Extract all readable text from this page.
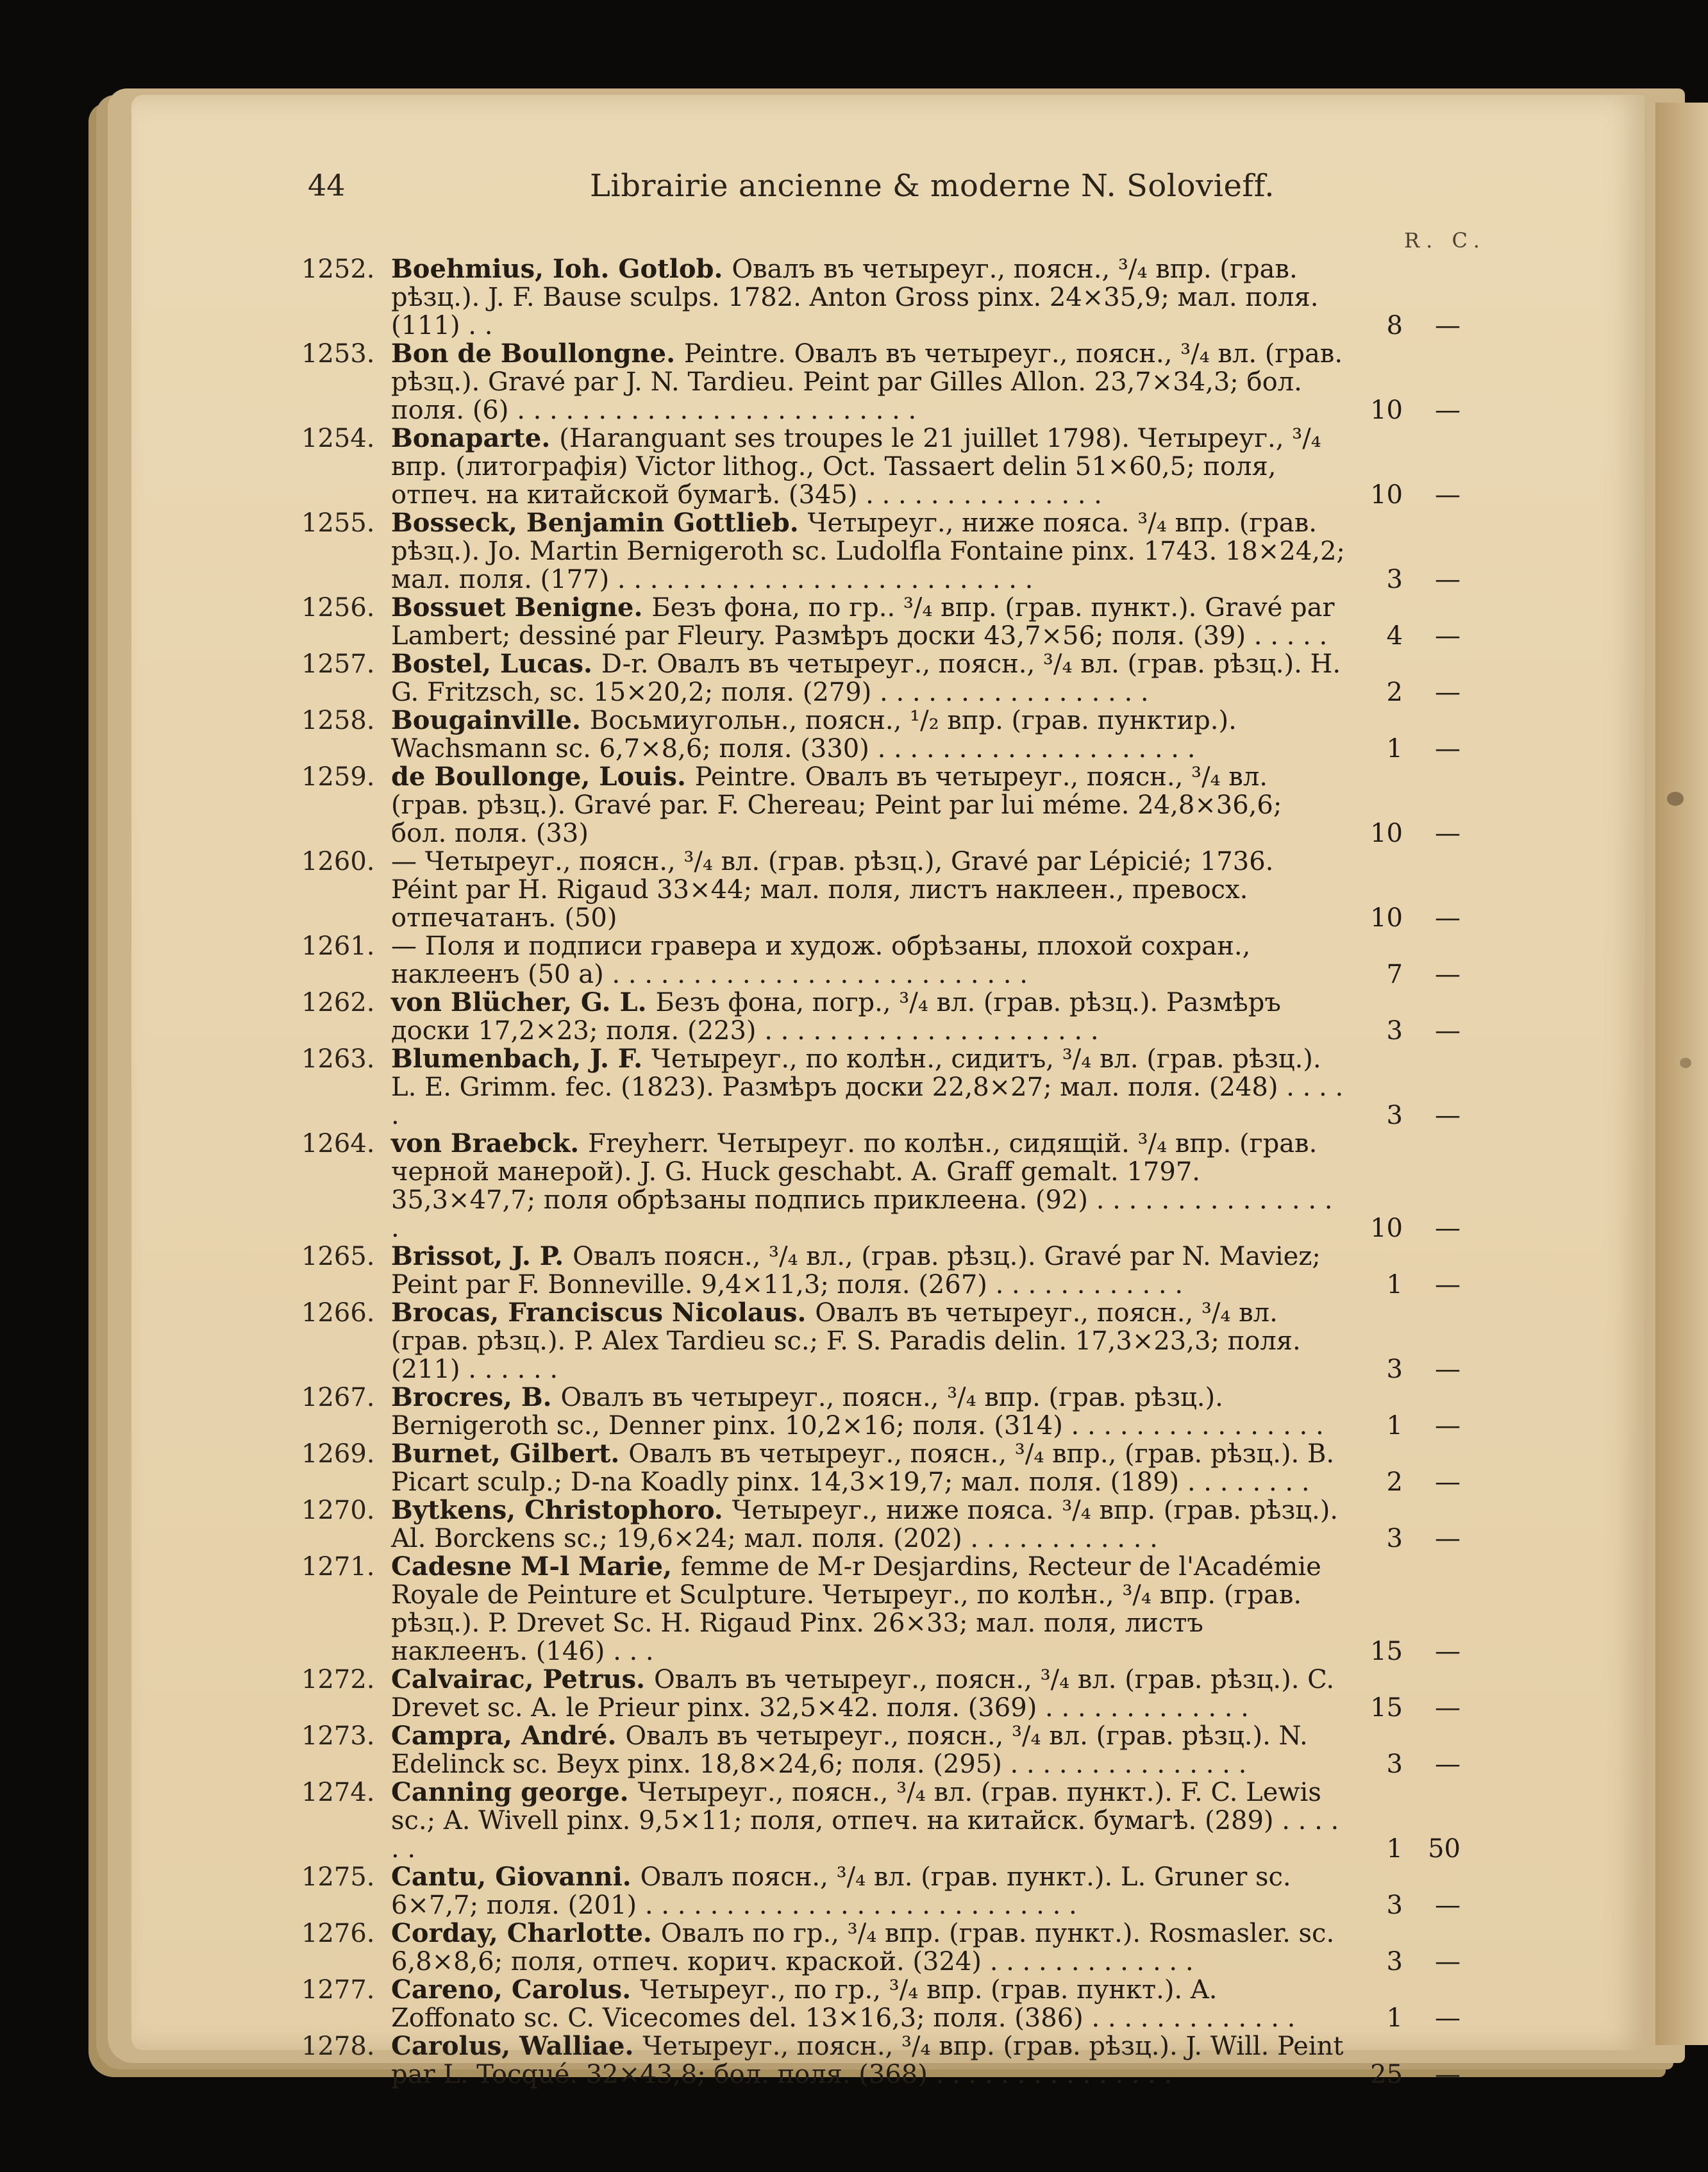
44	Librairie ancienne & moderne N. Solovieff.
R. C.
1252. Boehmius, Ioh. Gotlob. Овалъ въ четыреуг., поясн., ³/₄ впр. (грав. рѣзц.). J. F. Bause sculps. 1782. Anton Gross pinx. 24×35,9; мал. поля. (111) . .	8	—
1253. Bon de Boullongne. Peintre. Овалъ въ четыреуг., поясн., ³/₄ вл. (грав. рѣзц.). Gravé par J. N. Tardieu. Peint par Gilles Allon. 23,7×34,3; бол. поля. (6) . . . . . . . . . . . . . . . . . . . . . . . . .	10	—
1254. Bonaparte. (Haranguant ses troupes le 21 juillet 1798). Четыреуг., ³/₄ впр. (литографія) Victor lithog., Oct. Tassaert delin 51×60,5; поля, отпеч. на китайской бумагѣ. (345) . . . . . . . . . . . . . . .	10	—
1255. Bosseck, Benjamin Gottlieb. Четыреуг., ниже пояса. ³/₄ впр. (грав. рѣзц.). Jo. Martin Bernigeroth sc. Ludolfla Fontaine pinx. 1743. 18×24,2; мал. поля. (177) . . . . . . . . . . . . . . . . . . . . . . . . . .	3	—
1256. Bossuet Benigne. Безъ фона, по гр.. ³/₄ впр. (грав. пункт.). Gravé par Lambert; dessiné par Fleury. Размѣръ доски 43,7×56; поля. (39) . . . . .	4	—
1257. Bostel, Lucas. D-r. Овалъ въ четыреуг., поясн., ³/₄ вл. (грав. рѣзц.). H. G. Fritzsch, sc. 15×20,2; поля. (279) . . . . . . . . . . . . . . . . .	2	—
1258. Bougainville. Восьмиугольн., поясн., ¹/₂ впр. (грав. пунктир.). Wachsmann sc. 6,7×8,6; поля. (330) . . . . . . . . . . . . . . . . . . . .	1	—
1259. de Boullonge, Louis. Peintre. Овалъ въ четыреуг., поясн., ³/₄ вл. (грав. рѣзц.). Gravé par. F. Chereau; Peint par lui méme. 24,8×36,6; бол. поля. (33)	10	—
1260. — Четыреуг., поясн., ³/₄ вл. (грав. рѣзц.), Gravé par Lépicié; 1736. Péint par H. Rigaud 33×44; мал. поля, листъ наклеен., превосх. отпечатанъ. (50)	10	—
1261. — Поля и подписи гравера и худож. обрѣзаны, плохой сохран., наклеенъ (50 a) . . . . . . . . . . . . . . . . . . . . . . . . . .	7	—
1262. von Blücher, G. L. Безъ фона, погр., ³/₄ вл. (грав. рѣзц.). Размѣръ доски 17,2×23; поля. (223) . . . . . . . . . . . . . . . . . . . . .	3	—
1263. Blumenbach, J. F. Четыреуг., по колѣн., сидитъ, ³/₄ вл. (грав. рѣзц.). L. E. Grimm. fec. (1823). Размѣръ доски 22,8×27; мал. поля. (248) . . . . .	3	—
1264. von Braebck. Freyherr. Четыреуг. по колѣн., сидящій. ³/₄ впр. (грав. черной манерой). J. G. Huck geschabt. A. Graff gemalt. 1797. 35,3×47,7; поля обрѣзаны подпись приклеена. (92) . . . . . . . . . . . . . . . .	10	—
1265. Brissot, J. P. Овалъ поясн., ³/₄ вл., (грав. рѣзц.). Gravé par N. Maviez; Peint par F. Bonneville. 9,4×11,3; поля. (267) . . . . . . . . . . . .	1	—
1266. Brocas, Franciscus Nicolaus. Овалъ въ четыреуг., поясн., ³/₄ вл. (грав. рѣзц.). P. Alex Tardieu sc.; F. S. Paradis delin. 17,3×23,3; поля. (211) . . . . . .	3	—
1267. Brocres, B. Овалъ въ четыреуг., поясн., ³/₄ впр. (грав. рѣзц.). Bernigeroth sc., Denner pinx. 10,2×16; поля. (314) . . . . . . . . . . . . . . . .	1	—
1269. Burnet, Gilbert. Овалъ въ четыреуг., поясн., ³/₄ впр., (грав. рѣзц.). B. Picart sculp.; D-na Koadly pinx. 14,3×19,7; мал. поля. (189) . . . . . . . .	2	—
1270. Bytkens, Christophoro. Четыреуг., ниже пояса. ³/₄ впр. (грав. рѣзц.). Al. Borckens sc.; 19,6×24; мал. поля. (202) . . . . . . . . . . . .	3	—
1271. Cadesne M-l Marie, femme de M-r Desjardins, Recteur de l'Académie Royale de Peinture et Sculpture. Четыреуг., по колѣн., ³/₄ впр. (грав. рѣзц.). P. Drevet Sc. H. Rigaud Pinx. 26×33; мал. поля, листъ наклеенъ. (146) . . .	15	—
1272. Calvairac, Petrus. Овалъ въ четыреуг., поясн., ³/₄ вл. (грав. рѣзц.). C. Drevet sc. A. le Prieur pinx. 32,5×42. поля. (369) . . . . . . . . . . . . .	15	—
1273. Campra, André. Овалъ въ четыреуг., поясн., ³/₄ вл. (грав. рѣзц.). N. Edelinck sc. Beyx pinx. 18,8×24,6; поля. (295) . . . . . . . . . . . . . . .	3	—
1274. Canning george. Четыреуг., поясн., ³/₄ вл. (грав. пункт.). F. C. Lewis sc.; A. Wivell pinx. 9,5×11; поля, отпеч. на китайск. бумагѣ. (289) . . . . . .	1 50
1275. Cantu, Giovanni. Овалъ поясн., ³/₄ вл. (грав. пункт.). L. Gruner sc. 6×7,7; поля. (201) . . . . . . . . . . . . . . . . . . . . . . . . . . .	3	—
1276. Corday, Charlotte. Овалъ по гр., ³/₄ впр. (грав. пункт.). Rosmasler. sc. 6,8×8,6; поля, отпеч. корич. краской. (324) . . . . . . . . . . . . .	3	—
1277. Careno, Carolus. Четыреуг., по гр., ³/₄ впр. (грав. пункт.). A. Zoffonato sc. C. Vicecomes del. 13×16,3; поля. (386) . . . . . . . . . . . . .	1	—
1278. Carolus, Walliae. Четыреуг., поясн., ³/₄ впр. (грав. рѣзц.). J. Will. Peint par L. Tocqué. 32×43,8; бол. поля. (368) . . . . . . . . . . . . . . .	25	—
